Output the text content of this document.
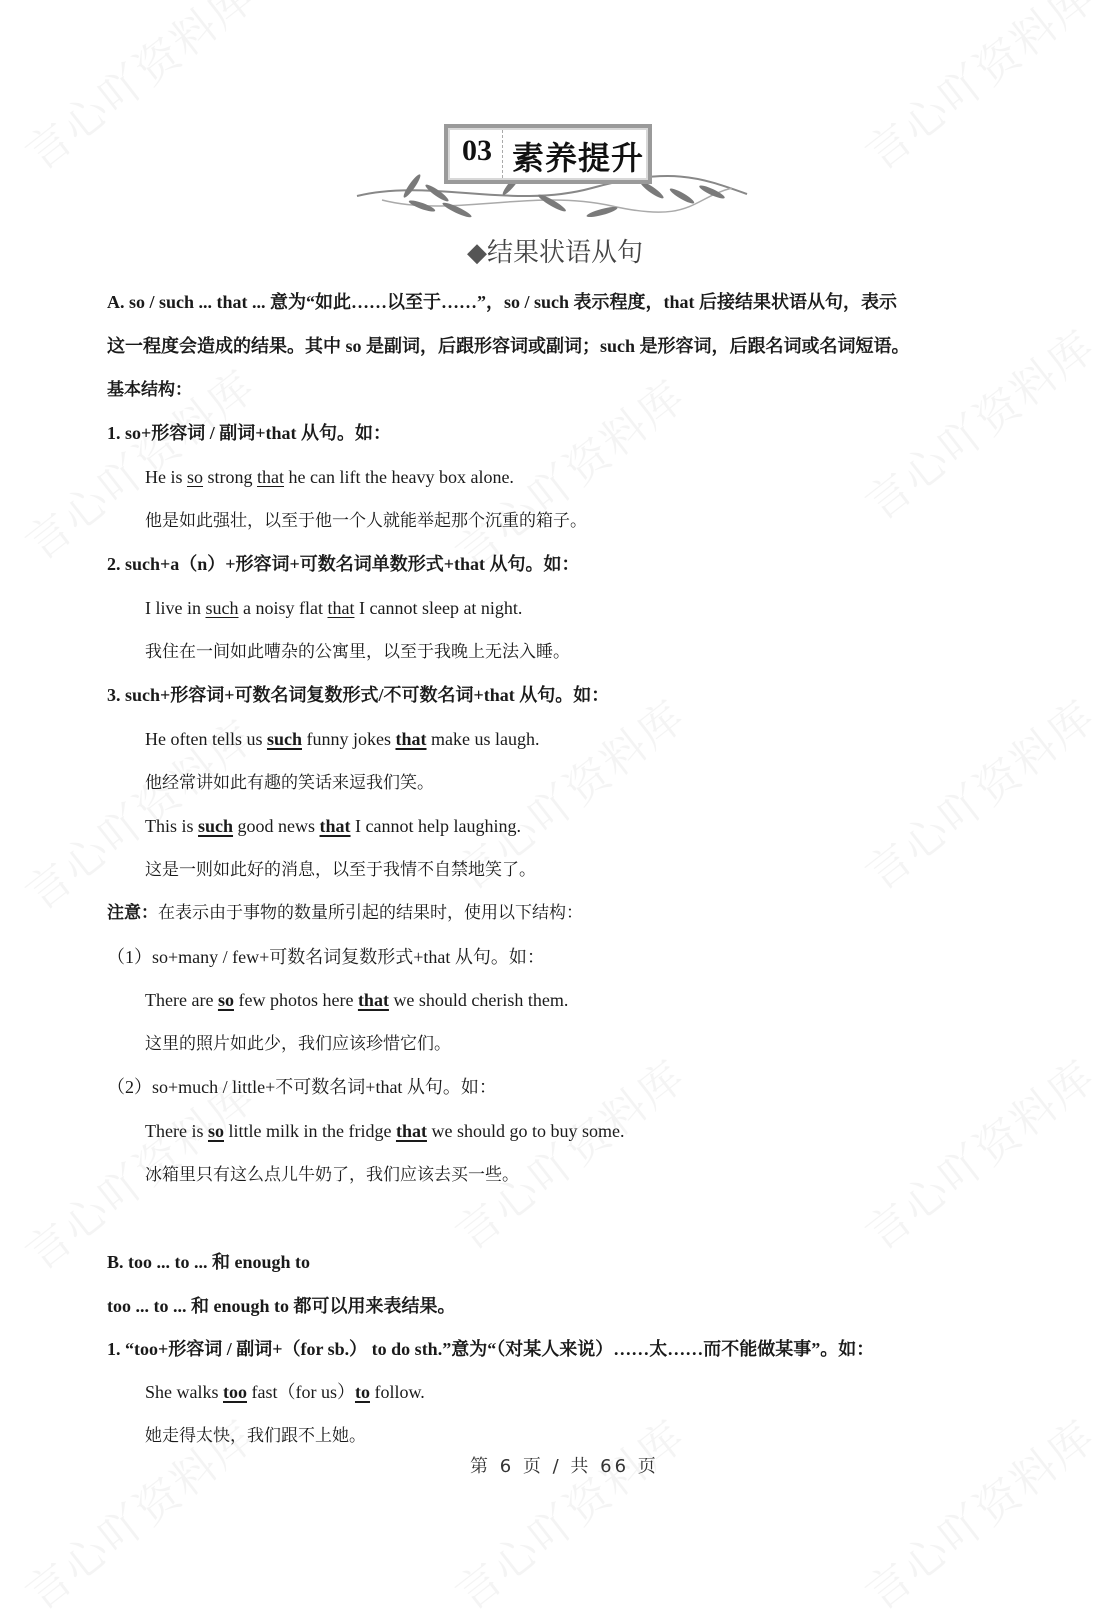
03 素养提升
◆结果状语从句
A. so / such ... that ... 意为“如此……以至于……”，so / such 表示程度，that 后接结果状语从句，表示
这一程度会造成的结果。其中 so 是副词，后跟形容词或副词；such 是形容词，后跟名词或名词短语。
基本结构：
1. so+形容词 / 副词+that 从句。如：
He is so strong that he can lift the heavy box alone.
他是如此强壮，以至于他一个人就能举起那个沉重的箱子。
2. such+a（n）+形容词+可数名词单数形式+that 从句。如：
I live in such a noisy flat that I cannot sleep at night.
我住在一间如此嘈杂的公寓里，以至于我晚上无法入睡。
3. such+形容词+可数名词复数形式/不可数名词+that 从句。如：
He often tells us such funny jokes that make us laugh.
他经常讲如此有趣的笑话来逗我们笑。
This is such good news that I cannot help laughing.
这是一则如此好的消息，以至于我情不自禁地笑了。
注意：在表示由于事物的数量所引起的结果时，使用以下结构：
（1）so+many / few+可数名词复数形式+that 从句。如：
There are so few photos here that we should cherish them.
这里的照片如此少，我们应该珍惜它们。
（2）so+much / little+不可数名词+that 从句。如：
There is so little milk in the fridge that we should go to buy some.
冰箱里只有这么点儿牛奶了，我们应该去买一些。
B. too ... to ... 和 enough to
too ... to ... 和 enough to 都可以用来表结果。
1. “too+形容词 / 副词+（for sb.） to do sth.”意为“（对某人来说）……太……而不能做某事”。如：
She walks too fast（for us）to follow.
她走得太快，我们跟不上她。
第 6 页 / 共 66 页
